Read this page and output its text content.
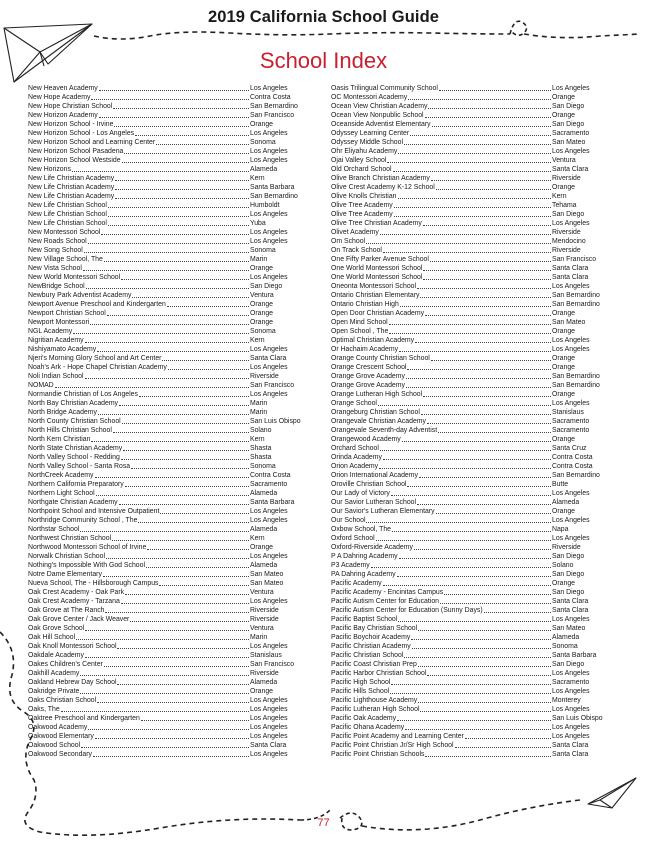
2019 California School Guide
School Index
New Heaven Academy	Los Angeles
New Hope Academy	Contra Costa
New Hope Christian School	San Bernardino
New Horizon Academy	San Francisco
New Horizon School - Irvine	Orange
New Horizon School - Los Angeles	Los Angeles
New Horizon School and Learning Center	Sonoma
New Horizon School Pasadena	Los Angeles
New Horizon School Westside	Los Angeles
New Horizons	Alameda
New Life Christian Academy	Kern
New Life Christian Academy	Santa Barbara
New Life Christian Academy	San Bernardino
New Life Christian School	Humboldt
New Life Christian School	Los Angeles
New Life Christian School	Yuba
New Montessori School	Los Angeles
New Roads School	Los Angeles
New Song School	Sonoma
New Village School, The	Marin
New Vista School	Orange
New World Montessori School	Los Angeles
NewBridge School	San Diego
Newbury Park Adventist Academy	Ventura
Newport Avenue Preschool and Kindergarten	Orange
Newport Christian School	Orange
Newport Montessori	Orange
NGL Academy	Sonoma
Nigritian Academy	Kern
Nishiyamato Academy	Los Angeles
Njeri's Morning Glory School and Art Center	Santa Clara
Noah's Ark - Hope Chapel Christian Academy	Los Angeles
Noli Indian School	Riverside
NOMAD	San Francisco
Normandie Christian of Los Angeles	Los Angeles
North Bay Christian Academy	Marin
North Bridge Academy	Marin
North County Christian School	San Luis Obispo
North Hills Christian School	Solano
North Kern Christian	Kern
North State Christian Academy	Shasta
North Valley School - Redding	Shasta
North Valley School - Santa Rosa	Sonoma
NorthCreek Academy	Contra Costa
Northern California Preparatory	Sacramento
Northern Light School	Alameda
Northgate Christian Academy	Santa Barbara
Northpoint School and Intensive Outpatient	Los Angeles
Northridge Community School , The	Los Angeles
Northstar School	Alameda
Northwest Christian School	Kern
Northwood Montessori School of Irvine	Orange
Norwalk Christian School	Los Angeles
Nothing's Impossible With God School	Alameda
Notre Dame Elementary	San Mateo
Nueva School, The - Hillsborough Campus	San Mateo
Oak Crest Academy - Oak Park	Ventura
Oak Crest Academy - Tarzana	Los Angeles
Oak Grove at The Ranch	Riverside
Oak Grove Center / Jack Weaver	Riverside
Oak Grove School	Ventura
Oak Hill School	Marin
Oak Knoll Montessori School	Los Angeles
Oakdale Academy	Stanislaus
Oakes Children's Center	San Francisco
Oakhill Academy	Riverside
Oakland Hebrew Day School	Alameda
Oakridge Private	Orange
Oaks Christian School	Los Angeles
Oaks, The	Los Angeles
Oaktree Preschool and Kindergarten	Los Angeles
Oakwood Academy	Los Angeles
Oakwood Elementary	Los Angeles
Oakwood School	Santa Clara
Oakwood Secondary	Los Angeles
Oasis Trilingual Community School	Los Angeles
OC Montessori Academy	Orange
Ocean View Christian Academy	San Diego
Ocean View Nonpublic School	Orange
Oceanside Adventist Elementary	San Diego
Odyssey Learning Center	Sacramento
Odyssey Middle School	San Mateo
Ohr Eliyahu Academy	Los Angeles
Ojai Valley School	Ventura
Old Orchard School	Santa Clara
Olive Branch Christian Academy	Riverside
Olive Crest Academy K-12 School	Orange
Olive Knolls Christian	Kern
Olive Tree Academy	Tehama
Olive Tree Academy	San Diego
Olive Tree Christian Academy	Los Angeles
Olivet Academy	Riverside
Om School	Mendocino
On Track School	Riverside
One Fifty Parker Avenue School	San Francisco
One World Montessori School	Santa Clara
One World Montessori School	Santa Clara
Oneonta Montessori School	Los Angeles
Ontario Christian Elementary	San Bernardino
Ontario Christian High	San Bernardino
Open Door Christian Academy	Orange
Open Mind School	San Mateo
Open School , The	Orange
Optimal Christian Academy	Los Angeles
Or Hachaim Academy	Los Angeles
Orange County Christian School	Orange
Orange Crescent School	Orange
Orange Grove Academy	San Bernardino
Orange Grove Academy	San Bernardino
Orange Lutheran High School	Orange
Orange School	Los Angeles
Orangeburg Christian School	Stanislaus
Orangevale Christian Academy	Sacramento
Orangevale Seventh-day Adventist	Sacramento
Orangewood Academy	Orange
Orchard School	Santa Cruz
Orinda Academy	Contra Costa
Orion Academy	Contra Costa
Orion International Academy	San Bernardino
Oroville Christian School	Butte
Our Lady of Victory	Los Angeles
Our Savior Lutheran School	Alameda
Our Savior's Lutheran Elementary	Orange
Our School	Los Angeles
Oxbow School, The	Napa
Oxford School	Los Angeles
Oxford-Riverside Academy	Riverside
P A Dahring Academy	San Diego
P3 Academy	Solano
PA Dahring Academy	San Diego
Pacific Academy	Orange
Pacific Academy - Encinitas Campus	San Diego
Pacific Autism Center for Education	Santa Clara
Pacific Autism Center for Education (Sunny Days)	Santa Clara
Pacific Baptist School	Los Angeles
Pacific Bay Christian School	San Mateo
Pacific Boychoir Academy	Alameda
Pacific Christian Academy	Sonoma
Pacific Christian School	Santa Barbara
Pacific Coast Christian Prep	San Diego
Pacific Harbor Christian School	Los Angeles
Pacific High School	Sacramento
Pacific Hills School	Los Angeles
Pacific Lighthouse Academy	Monterey
Pacific Lutheran High School	Los Angeles
Pacific Oak Academy	San Luis Obispo
Pacific Ohana Academy	Los Angeles
Pacific Point Academy and Learning Center	Los Angeles
Pacific Point Christian Jr/Sr High School	Santa Clara
Pacific Point Christian Schools	Santa Clara
77
